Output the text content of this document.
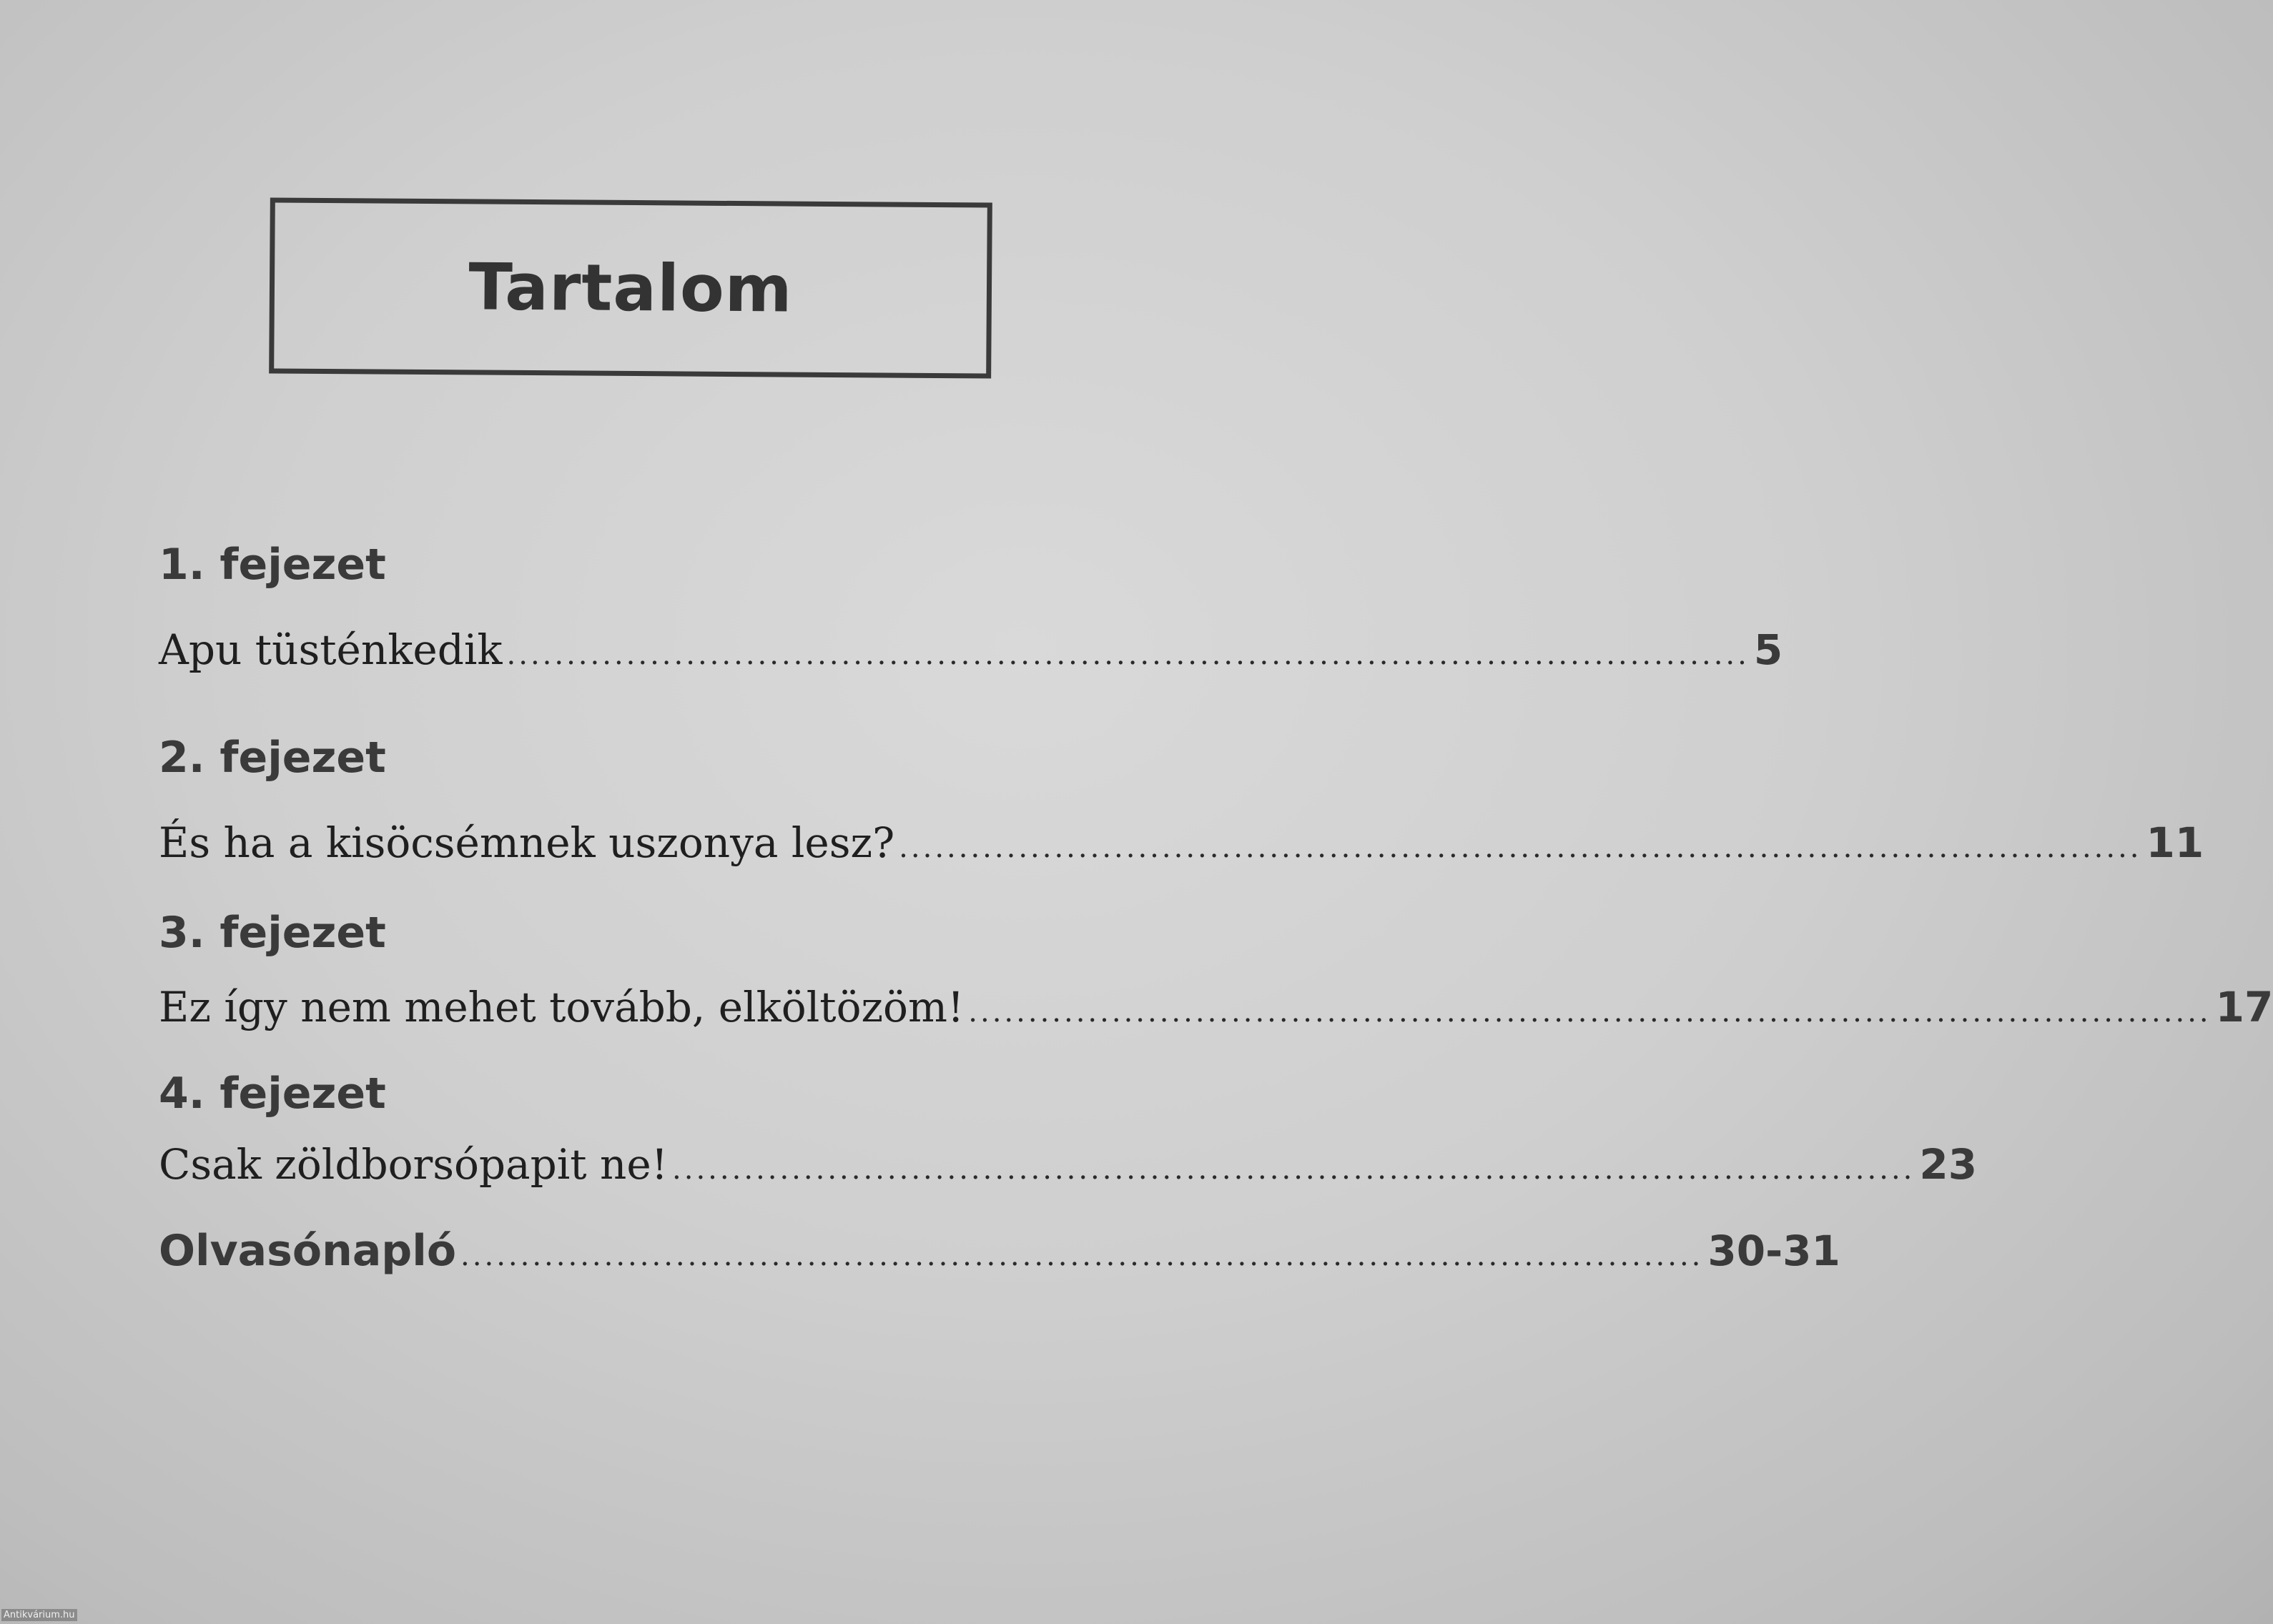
Tartalom
1. fejezet
Apu tüsténkedik ........................................................................................................ 5
2. fejezet
És ha a kisöcsémnek uszonya lesz? ........................................................................................................ 11
3. fejezet
Ez így nem mehet tovább, elköltözöm! ........................................................................................................ 17
4. fejezet
Csak zöldborsópapit ne! ........................................................................................................ 23
Olvasónapló ........................................................................................................ 30-31
Antikvárium.hu
